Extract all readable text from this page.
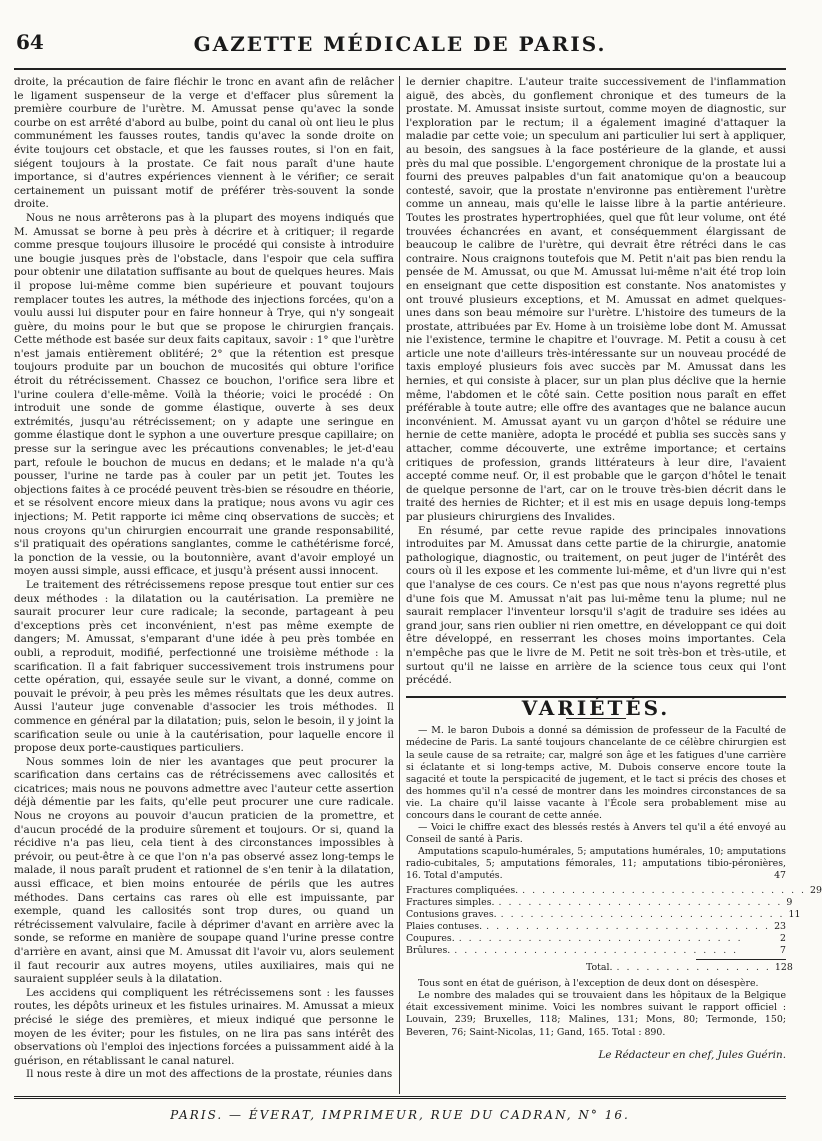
64	GAZETTE MÉDICALE DE PARIS.

droite, la précaution de faire fléchir le tronc en avant afin de relâcher le ligament suspenseur de la verge et d'effacer plus sûrement la première courbure de l'urètre. M. Amussat pense qu'avec la sonde courbe on est arrêté d'abord au bulbe, point du canal où ont lieu le plus communément les fausses routes, tandis qu'avec la sonde droite on évite toujours cet obstacle, et que les fausses routes, si l'on en fait, siégent toujours à la prostate. Ce fait nous paraît d'une haute importance, si d'autres expériences viennent à le vérifier; ce serait certainement un puissant motif de préférer très-souvent la sonde droite.

Nous ne nous arrêterons pas à la plupart des moyens indiqués que M. Amussat se borne à peu près à décrire et à critiquer; il regarde comme presque toujours illusoire le procédé qui consiste à introduire une bougie jusques près de l'obstacle, dans l'espoir que cela suffira pour obtenir une dilatation suffisante au bout de quelques heures. Mais il propose lui-même comme bien supérieure et pouvant toujours remplacer toutes les autres, la méthode des injections forcées, qu'on a voulu aussi lui disputer pour en faire honneur à Trye, qui n'y songeait guère, du moins pour le but que se propose le chirurgien français. Cette méthode est basée sur deux faits capitaux, savoir : 1° que l'urètre n'est jamais entièrement oblitéré; 2° que la rétention est presque toujours produite par un bouchon de mucosités qui obture l'orifice étroit du rétrécissement. Chassez ce bouchon, l'orifice sera libre et l'urine coulera d'elle-même. Voilà la théorie; voici le procédé : On introduit une sonde de gomme élastique, ouverte à ses deux extrémités, jusqu'au rétrécissement; on y adapte une seringue en gomme élastique dont le syphon a une ouverture presque capillaire; on presse sur la seringue avec les précautions convenables; le jet-d'eau part, refoule le bouchon de mucus en dedans; et le malade n'a qu'à pousser, l'urine ne tarde pas à couler par un petit jet. Toutes les objections faites à ce procédé peuvent très-bien se résoudre en théorie, et se résolvent encore mieux dans la pratique; nous avons vu agir ces injections; M. Petit rapporte ici même cinq observations de succès; et nous croyons qu'un chirurgien encourrait une grande responsabilité, s'il pratiquait des opérations sanglantes, comme le cathétérisme forcé, la ponction de la vessie, ou la boutonnière, avant d'avoir employé un moyen aussi simple, aussi efficace, et jusqu'à présent aussi innocent.

Le traitement des rétrécissemens repose presque tout entier sur ces deux méthodes : la dilatation ou la cautérisation. La première ne saurait procurer leur cure radicale; la seconde, partageant à peu d'exceptions près cet inconvénient, n'est pas même exempte de dangers; M. Amussat, s'emparant d'une idée à peu près tombée en oubli, a reproduit, modifié, perfectionné une troisième méthode : la scarification. Il a fait fabriquer successivement trois instrumens pour cette opération, qui, essayée seule sur le vivant, a donné, comme on pouvait le prévoir, à peu près les mêmes résultats que les deux autres. Aussi l'auteur juge convenable d'associer les trois méthodes. Il commence en général par la dilatation; puis, selon le besoin, il y joint la scarification seule ou unie à la cautérisation, pour laquelle encore il propose deux porte-caustiques particuliers.

Nous sommes loin de nier les avantages que peut procurer la scarification dans certains cas de rétrécissemens avec callosités et cicatrices; mais nous ne pouvons admettre avec l'auteur cette assertion déjà démentie par les faits, qu'elle peut procurer une cure radicale. Nous ne croyons au pouvoir d'aucun praticien de la promettre, et d'aucun procédé de la produire sûrement et toujours. Or si, quand la récidive n'a pas lieu, cela tient à des circonstances impossibles à prévoir, ou peut-être à ce que l'on n'a pas observé assez long-temps le malade, il nous paraît prudent et rationnel de s'en tenir à la dilatation, aussi efficace, et bien moins entourée de périls que les autres méthodes. Dans certains cas rares où elle est impuissante, par exemple, quand les callosités sont trop dures, ou quand un rétrécissement valvulaire, facile à déprimer d'avant en arrière avec la sonde, se reforme en manière de soupape quand l'urine presse contre d'arrière en avant, ainsi que M. Amussat dit l'avoir vu, alors seulement il faut recourir aux autres moyens, utiles auxiliaires, mais qui ne sauraient suppléer seuls à la dilatation.

Les accidens qui compliquent les rétrécissemens sont : les fausses routes, les dépôts urineux et les fistules urinaires. M. Amussat a mieux précisé le siége des premières, et mieux indiqué que personne le moyen de les éviter; pour les fistules, on ne lira pas sans intérêt des observations où l'emploi des injections forcées a puissamment aidé à la guérison, en rétablissant le canal naturel.

Il nous reste à dire un mot des affections de la prostate, réunies dans

le dernier chapitre. L'auteur traite successivement de l'inflammation aiguë, des abcès, du gonflement chronique et des tumeurs de la prostate. M. Amussat insiste surtout, comme moyen de diagnostic, sur l'exploration par le rectum; il a également imaginé d'attaquer la maladie par cette voie; un speculum ani particulier lui sert à appliquer, au besoin, des sangsues à la face postérieure de la glande, et aussi près du mal que possible. L'engorgement chronique de la prostate lui a fourni des preuves palpables d'un fait anatomique qu'on a beaucoup contesté, savoir, que la prostate n'environne pas entièrement l'urètre comme un anneau, mais qu'elle le laisse libre à la partie antérieure. Toutes les prostrates hypertrophiées, quel que fût leur volume, ont été trouvées échancrées en avant, et conséquemment élargissant de beaucoup le calibre de l'urètre, qui devrait être rétréci dans le cas contraire. Nous craignons toutefois que M. Petit n'ait pas bien rendu la pensée de M. Amussat, ou que M. Amussat lui-même n'ait été trop loin en enseignant que cette disposition est constante. Nos anatomistes y ont trouvé plusieurs exceptions, et M. Amussat en admet quelques-unes dans son beau mémoire sur l'urètre. L'histoire des tumeurs de la prostate, attribuées par Ev. Home à un troisième lobe dont M. Amussat nie l'existence, termine le chapitre et l'ouvrage. M. Petit a cousu à cet article une note d'ailleurs très-intéressante sur un nouveau procédé de taxis employé plusieurs fois avec succès par M. Amussat dans les hernies, et qui consiste à placer, sur un plan plus déclive que la hernie même, l'abdomen et le côté sain. Cette position nous paraît en effet préférable à toute autre; elle offre des avantages que ne balance aucun inconvénient. M. Amussat ayant vu un garçon d'hôtel se réduire une hernie de cette manière, adopta le procédé et publia ses succès sans y attacher, comme découverte, une extrême importance; et certains critiques de profession, grands littérateurs à leur dire, l'avaient accepté comme neuf. Or, il est probable que le garçon d'hôtel le tenait de quelque personne de l'art, car on le trouve très-bien décrit dans le traité des hernies de Richter; et il est mis en usage depuis long-temps par plusieurs chirurgiens des Invalides.

En résumé, par cette revue rapide des principales innovations introduites par M. Amussat dans cette partie de la chirurgie, anatomie pathologique, diagnostic, ou traitement, on peut juger de l'intérêt des cours où il les expose et les commente lui-même, et d'un livre qui n'est que l'analyse de ces cours. Ce n'est pas que nous n'ayons regretté plus d'une fois que M. Amussat n'ait pas lui-même tenu la plume; nul ne saurait remplacer l'inventeur lorsqu'il s'agit de traduire ses idées au grand jour, sans rien oublier ni rien omettre, en développant ce qui doit être développé, en resserrant les choses moins importantes. Cela n'empêche pas que le livre de M. Petit ne soit très-bon et très-utile, et surtout qu'il ne laisse en arrière de la science tous ceux qui l'ont précédé.

VARIÉTÉS.

— M. le baron Dubois a donné sa démission de professeur de la Faculté de médecine de Paris. La santé toujours chancelante de ce célèbre chirurgien est la seule cause de sa retraite; car, malgré son âge et les fatigues d'une carrière si éclatante et si long-temps active, M. Dubois conserve encore toute la sagacité et toute la perspicacité de jugement, et le tact si précis des choses et des hommes qu'il n'a cessé de montrer dans les moindres circonstances de sa vie. La chaire qu'il laisse vacante à l'École sera probablement mise au concours dans le courant de cette année.

— Voici le chiffre exact des blessés restés à Anvers tel qu'il a été envoyé au Conseil de santé à Paris.

Amputations scapulo-humérales, 5; amputations humérales, 10; amputations radio-cubitales, 5; amputations fémorales, 11; amputations tibio-péronières, 16. Total d'amputés.	47

Fractures compliquées. . . . . . . . . . . . . . . . . . . . . . . . . . . . . . 29
Fractures simples. . . . . . . . . . . . . . . . . . . . . . . . . . . . . . 9
Contusions graves. . . . . . . . . . . . . . . . . . . . . . . . . . . . . . 11
Plaies contuses. . . . . . . . . . . . . . . . . . . . . . . . . . . . . . 23
Coupures. . . . . . . . . . . . . . . . . . . . . . . . . . . . . .	2
Brûlures. . . . . . . . . . . . . . . . . . . . . . . . . . . . . .	7
Total. . . . . . . . . . . . . . . . . 128

Tous sont en état de guérison, à l'exception de deux dont on désespère.

Le nombre des malades qui se trouvaient dans les hôpitaux de la Belgique était excessivement minime. Voici les nombres suivant le rapport officiel : Louvain, 239; Bruxelles, 118; Malines, 131; Mons, 80; Termonde, 150; Beveren, 76; Saint-Nicolas, 11; Gand, 165. Total : 890.

Le Rédacteur en chef, Jules Guérin.
PARIS. — ÉVERAT, IMPRIMEUR, RUE DU CADRAN, N° 16.
